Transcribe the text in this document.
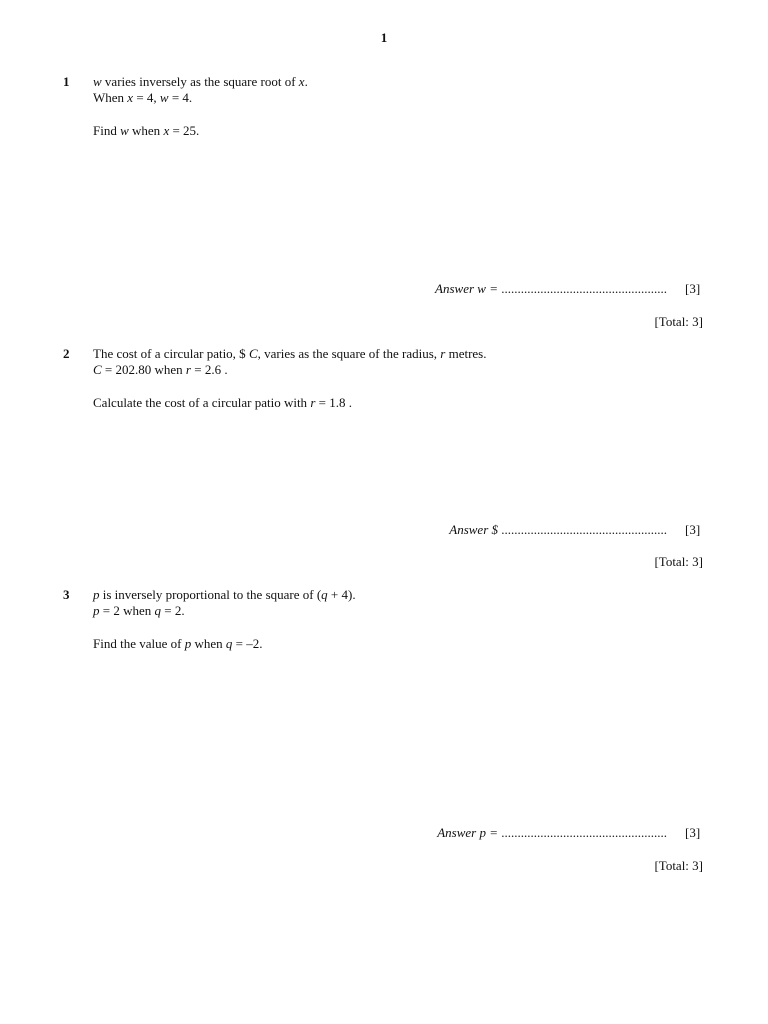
1
1 w varies inversely as the square root of x.
When x = 4, w = 4.
Find w when x = 25.
Answer w = ................................................... [3]
[Total: 3]
2 The cost of a circular patio, $ C, varies as the square of the radius, r metres.
C = 202.80 when r = 2.6 .
Calculate the cost of a circular patio with r = 1.8 .
Answer $ ................................................... [3]
[Total: 3]
3 p is inversely proportional to the square of (q + 4).
p = 2 when q = 2.
Find the value of p when q = –2.
Answer p = ................................................... [3]
[Total: 3]
